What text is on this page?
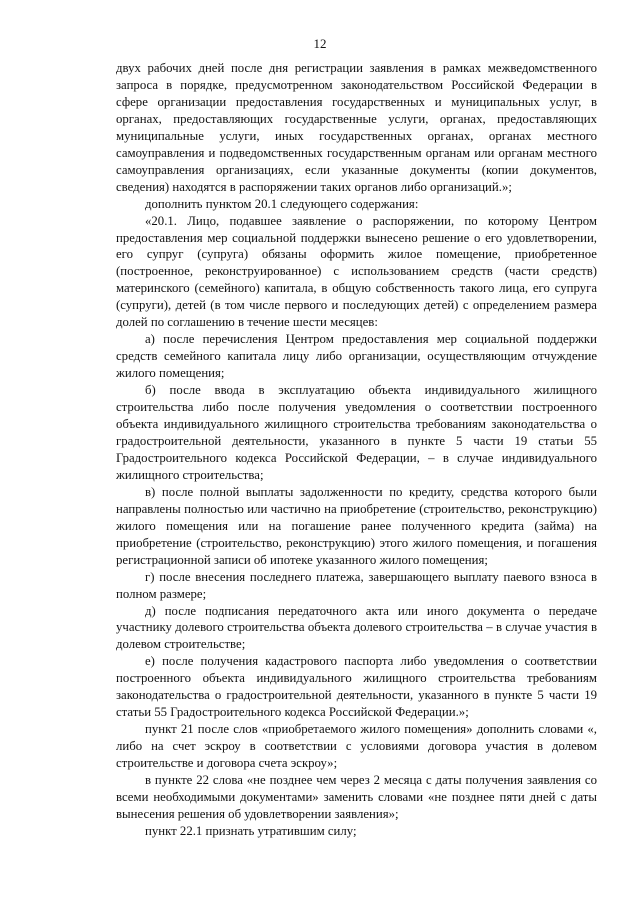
12

двух рабочих дней после дня регистрации заявления в рамках межведомственного запроса в порядке, предусмотренном законодательством Российской Федерации в сфере организации предоставления государственных и муниципальных услуг, в органах, предоставляющих государственные услуги, органах, предоставляющих муниципальные услуги, иных государственных органах, органах местного самоуправления и подведомственных государственным органам или органам местного самоуправления организациях, если указанные документы (копии документов, сведения) находятся в распоряжении таких органов либо организаций.»;

дополнить пунктом 20.1 следующего содержания:

«20.1. Лицо, подавшее заявление о распоряжении, по которому Центром предоставления мер социальной поддержки вынесено решение о его удовлетворении, его супруг (супруга) обязаны оформить жилое помещение, приобретенное (построенное, реконструированное) с использованием средств (части средств) материнского (семейного) капитала, в общую собственность такого лица, его супруга (супруги), детей (в том числе первого и последующих детей) с определением размера долей по соглашению в течение шести месяцев:

а) после перечисления Центром предоставления мер социальной поддержки средств семейного капитала лицу либо организации, осуществляющим отчуждение жилого помещения;

б) после ввода в эксплуатацию объекта индивидуального жилищного строительства либо после получения уведомления о соответствии построенного объекта индивидуального жилищного строительства требованиям законодательства о градостроительной деятельности, указанного в пункте 5 части 19 статьи 55 Градостроительного кодекса Российской Федерации, – в случае индивидуального жилищного строительства;

в) после полной выплаты задолженности по кредиту, средства которого были направлены полностью или частично на приобретение (строительство, реконструкцию) жилого помещения или на погашение ранее полученного кредита (займа) на приобретение (строительство, реконструкцию) этого жилого помещения, и погашения регистрационной записи об ипотеке указанного жилого помещения;

г) после внесения последнего платежа, завершающего выплату паевого взноса в полном размере;

д) после подписания передаточного акта или иного документа о передаче участнику долевого строительства объекта долевого строительства – в случае участия в долевом строительстве;

е) после получения кадастрового паспорта либо уведомления о соответствии построенного объекта индивидуального жилищного строительства требованиям законодательства о градостроительной деятельности, указанного в пункте 5 части 19 статьи 55 Градостроительного кодекса Российской Федерации.»;

пункт 21 после слов «приобретаемого жилого помещения» дополнить словами «, либо на счет эскроу в соответствии с условиями договора участия в долевом строительстве и договора счета эскроу»;

в пункте 22 слова «не позднее чем через 2 месяца с даты получения заявления со всеми необходимыми документами» заменить словами «не позднее пяти дней с даты вынесения решения об удовлетворении заявления»;

пункт 22.1 признать утратившим силу;
